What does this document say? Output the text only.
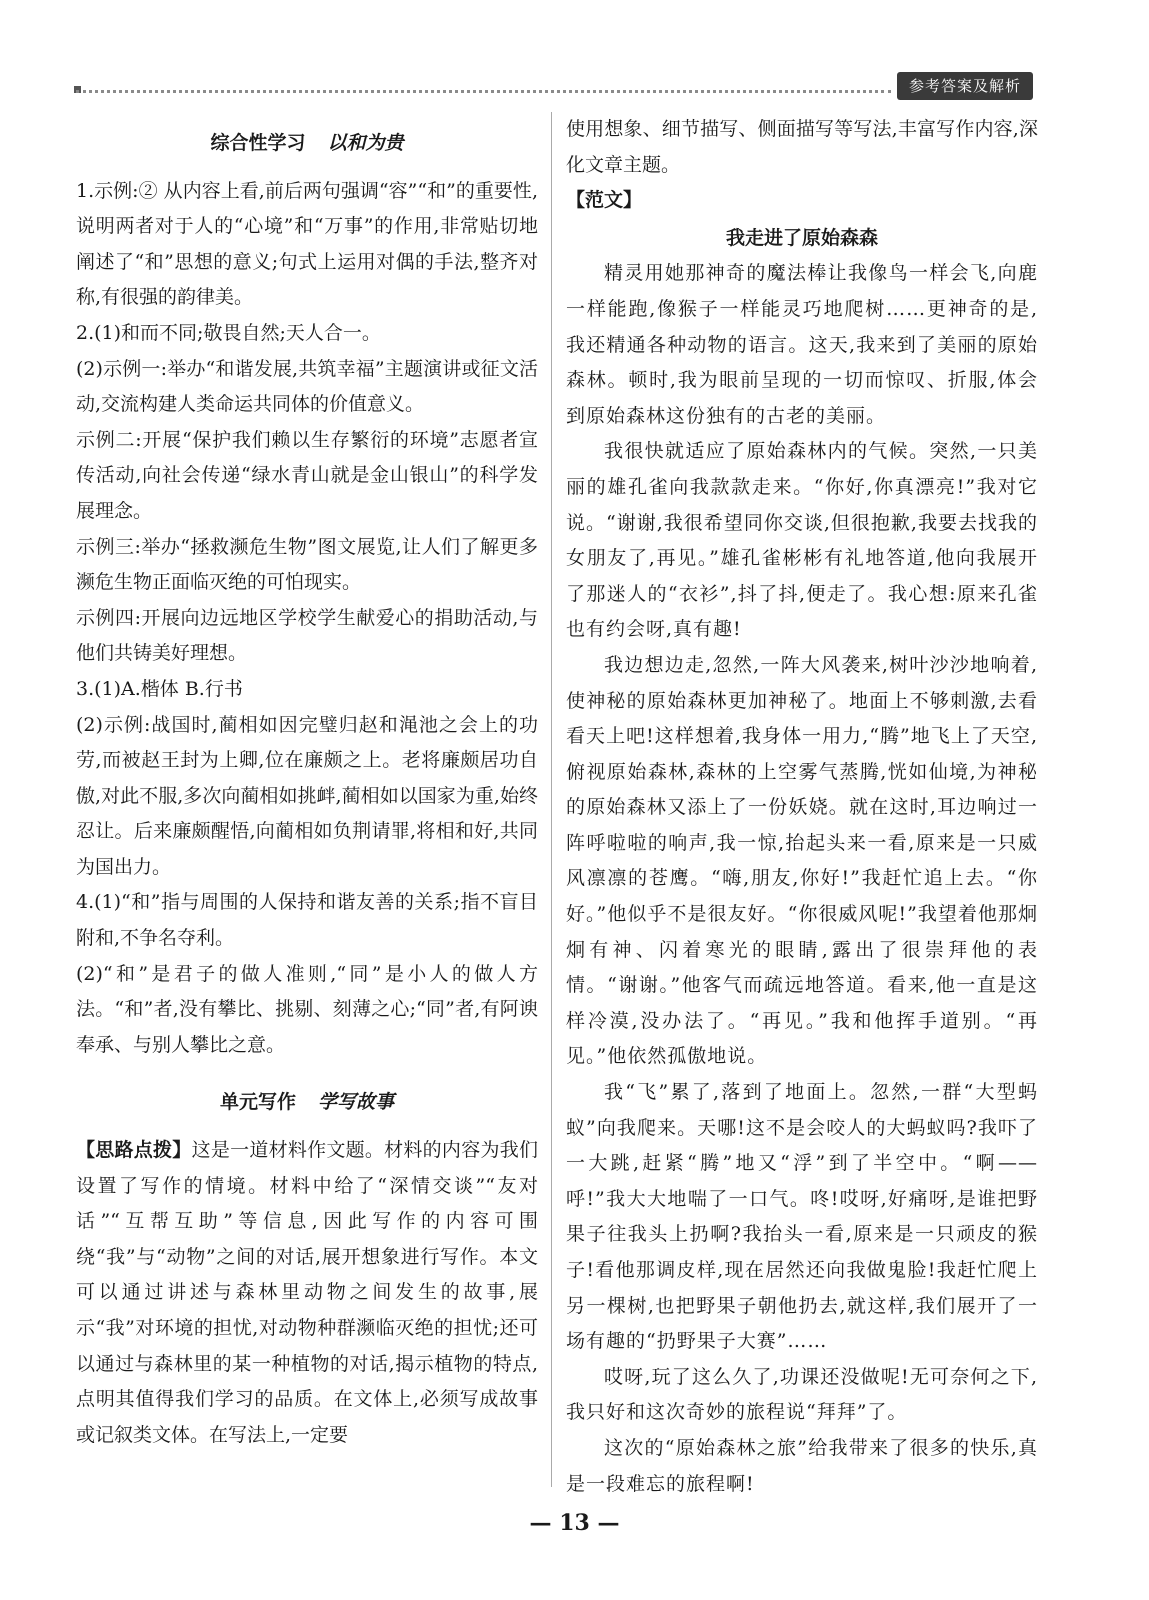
参考答案及解析
综合性学习 以和为贵

1.示例:② 从内容上看,前后两句强调“容”“和”的重要性,说明两者对于人的“心境”和“万事”的作用,非常贴切地阐述了“和”思想的意义;句式上运用对偶的手法,整齐对称,有很强的韵律美。

2.(1)和而不同;敬畏自然;天人合一。

(2)示例一:举办“和谐发展,共筑幸福”主题演讲或征文活动,交流构建人类命运共同体的价值意义。

示例二:开展“保护我们赖以生存繁衍的环境”志愿者宣传活动,向社会传递“绿水青山就是金山银山”的科学发展理念。

示例三:举办“拯救濒危生物”图文展览,让人们了解更多濒危生物正面临灭绝的可怕现实。

示例四:开展向边远地区学校学生献爱心的捐助活动,与他们共铸美好理想。

3.(1)A.楷体 B.行书

(2)示例:战国时,蔺相如因完璧归赵和渑池之会上的功劳,而被赵王封为上卿,位在廉颇之上。老将廉颇居功自傲,对此不服,多次向蔺相如挑衅,蔺相如以国家为重,始终忍让。后来廉颇醒悟,向蔺相如负荆请罪,将相和好,共同为国出力。

4.(1)“和”指与周围的人保持和谐友善的关系;指不盲目附和,不争名夺利。

(2)“和”是君子的做人准则,“同”是小人的做人方法。“和”者,没有攀比、挑剔、刻薄之心;“同”者,有阿谀奉承、与别人攀比之意。

单元写作 学写故事

【思路点拨】这是一道材料作文题。材料的内容为我们设置了写作的情境。材料中给了“深情交谈”“友对话”“互帮互助”等信息,因此写作的内容可围绕“我”与“动物”之间的对话,展开想象进行写作。本文可以通过讲述与森林里动物之间发生的故事,展示“我”对环境的担忧,对动物种群濒临灭绝的担忧;还可以通过与森林里的某一种植物的对话,揭示植物的特点,点明其值得我们学习的品质。在文体上,必须写成故事或记叙类文体。在写法上,一定要

使用想象、细节描写、侧面描写等写法,丰富写作内容,深化文章主题。

【范文】

我走进了原始森森

精灵用她那神奇的魔法棒让我像鸟一样会飞,向鹿一样能跑,像猴子一样能灵巧地爬树……更神奇的是,我还精通各种动物的语言。这天,我来到了美丽的原始森林。顿时,我为眼前呈现的一切而惊叹、折服,体会到原始森林这份独有的古老的美丽。

我很快就适应了原始森林内的气候。突然,一只美丽的雄孔雀向我款款走来。“你好,你真漂亮!”我对它说。“谢谢,我很希望同你交谈,但很抱歉,我要去找我的女朋友了,再见。”雄孔雀彬彬有礼地答道,他向我展开了那迷人的“衣衫”,抖了抖,便走了。我心想:原来孔雀也有约会呀,真有趣!

我边想边走,忽然,一阵大风袭来,树叶沙沙地响着,使神秘的原始森林更加神秘了。地面上不够刺激,去看看天上吧!这样想着,我身体一用力,“腾”地飞上了天空,俯视原始森林,森林的上空雾气蒸腾,恍如仙境,为神秘的原始森林又添上了一份妖娆。就在这时,耳边响过一阵呼啦啦的响声,我一惊,抬起头来一看,原来是一只威风凛凛的苍鹰。“嗨,朋友,你好!”我赶忙追上去。“你好。”他似乎不是很友好。“你很威风呢!”我望着他那炯炯有神、闪着寒光的眼睛,露出了很崇拜他的表情。“谢谢。”他客气而疏远地答道。看来,他一直是这样冷漠,没办法了。“再见。”我和他挥手道别。“再见。”他依然孤傲地说。

我“飞”累了,落到了地面上。忽然,一群“大型蚂蚁”向我爬来。天哪!这不是会咬人的大蚂蚁吗?我吓了一大跳,赶紧“腾”地又“浮”到了半空中。“啊——呼!”我大大地喘了一口气。咚!哎呀,好痛呀,是谁把野果子往我头上扔啊?我抬头一看,原来是一只顽皮的猴子!看他那调皮样,现在居然还向我做鬼脸!我赶忙爬上另一棵树,也把野果子朝他扔去,就这样,我们展开了一场有趣的“扔野果子大赛”……

哎呀,玩了这么久了,功课还没做呢!无可奈何之下,我只好和这次奇妙的旅程说“拜拜”了。

这次的“原始森林之旅”给我带来了很多的快乐,真是一段难忘的旅程啊!

— 13 —
